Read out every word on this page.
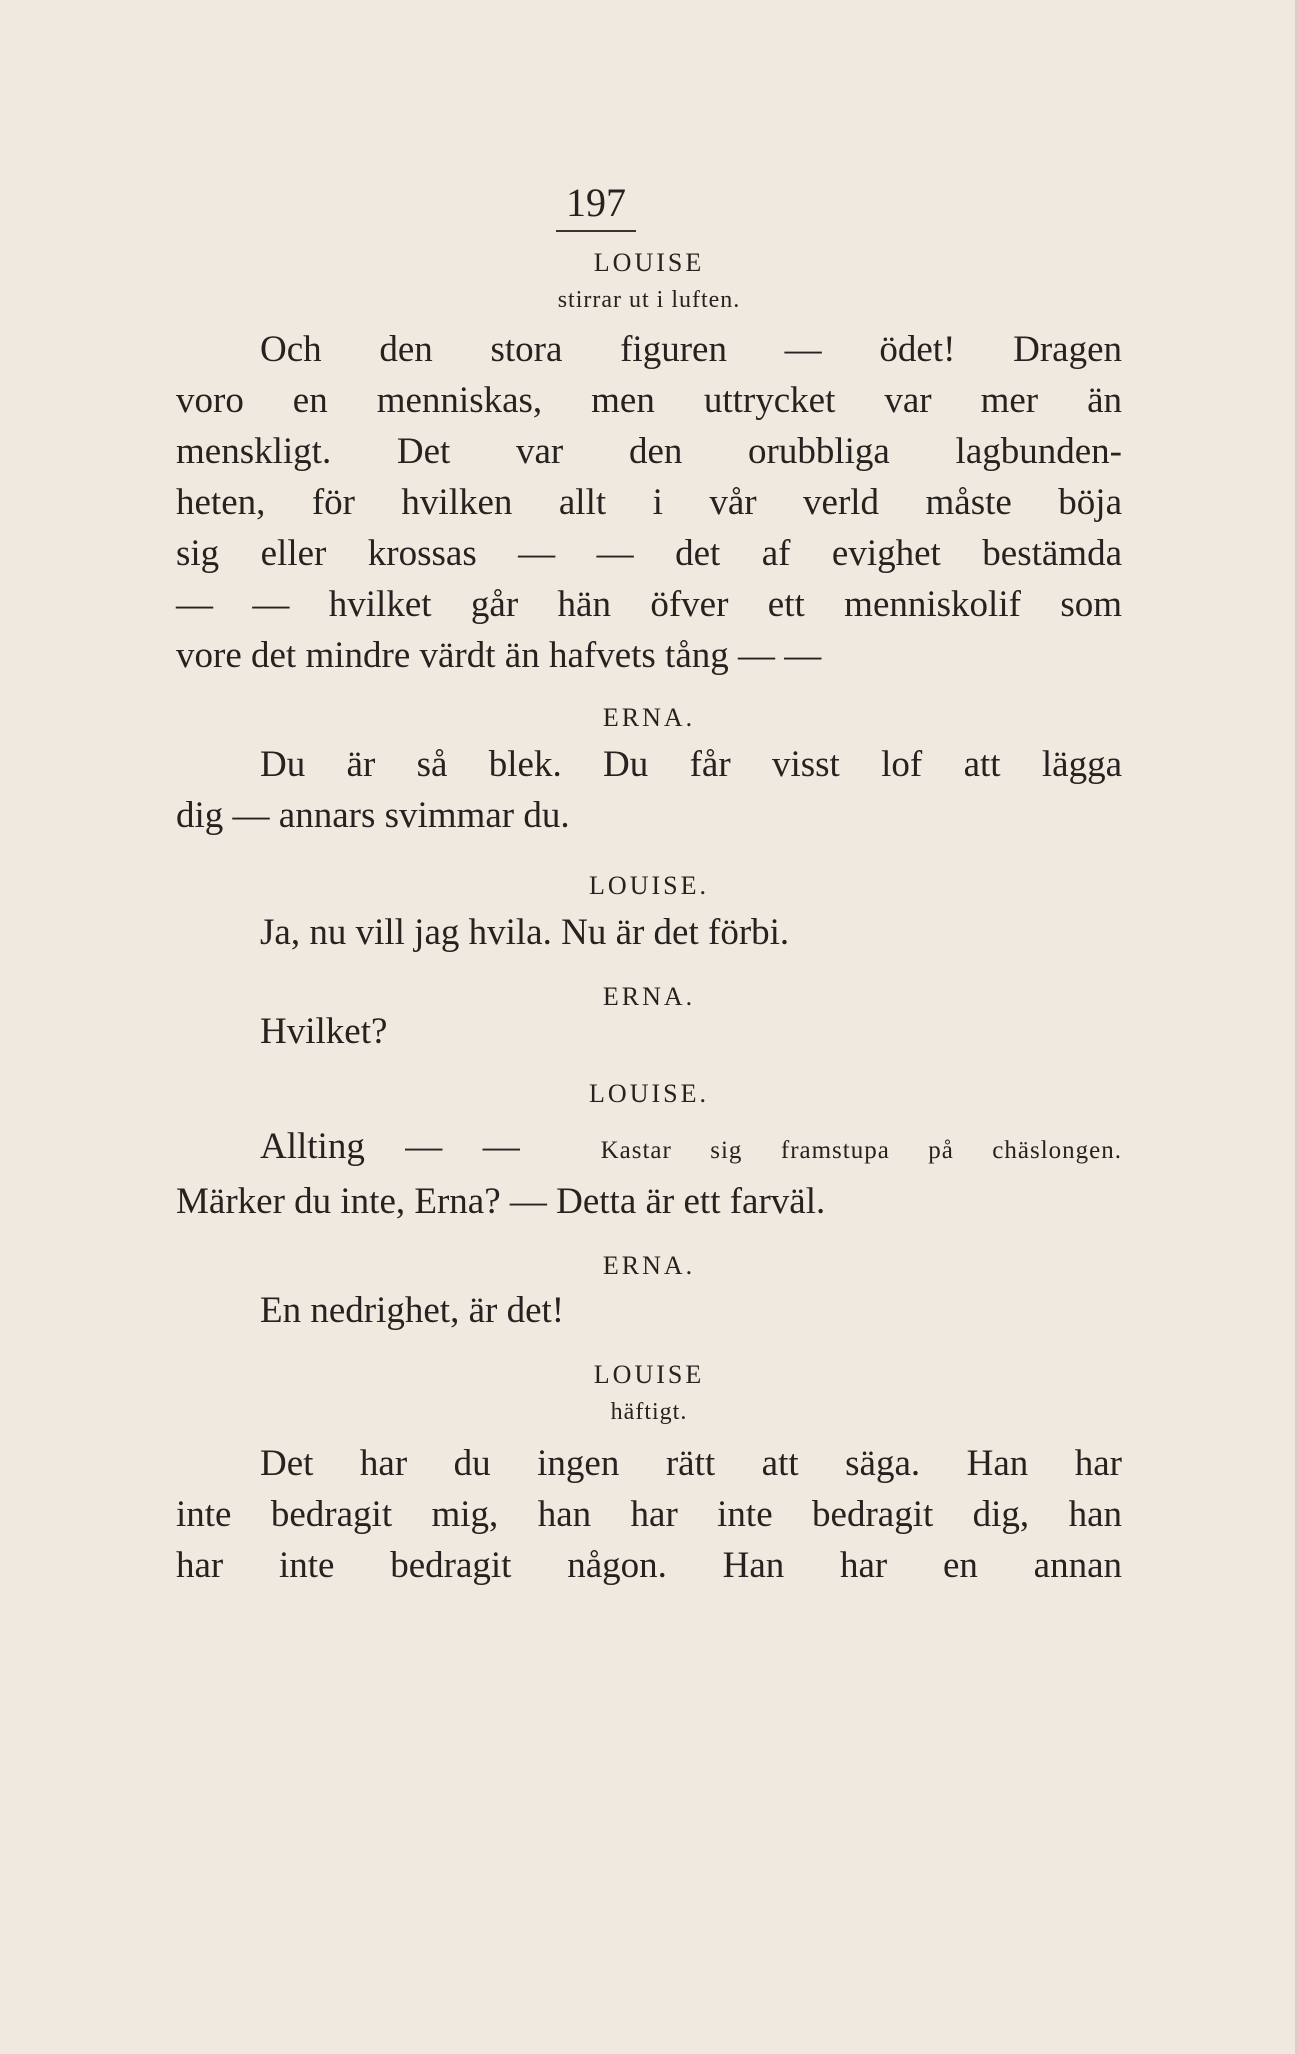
197
LOUISE
stirrar ut i luften.
Och den stora figuren — ödet! Dragen
voro en menniskas, men uttrycket var mer än
menskligt. Det var den orubbliga lagbunden-
heten, för hvilken allt i vår verld måste böja
sig eller krossas — — det af evighet bestämda
— — hvilket går hän öfver ett menniskolif som
vore det mindre värdt än hafvets tång — —
ERNA.
Du är så blek. Du får visst lof att lägga
dig — annars svimmar du.
LOUISE.
Ja, nu vill jag hvila. Nu är det förbi.
ERNA.
Hvilket?
LOUISE.
Allting — —	Kastar sig framstupa på chäslongen.
Märker du inte, Erna? — Detta är ett farväl.
ERNA.
En nedrighet, är det!
LOUISE
häftigt.
Det har du ingen rätt att säga. Han har
inte bedragit mig, han har inte bedragit dig, han
har inte bedragit någon. Han har en annan
